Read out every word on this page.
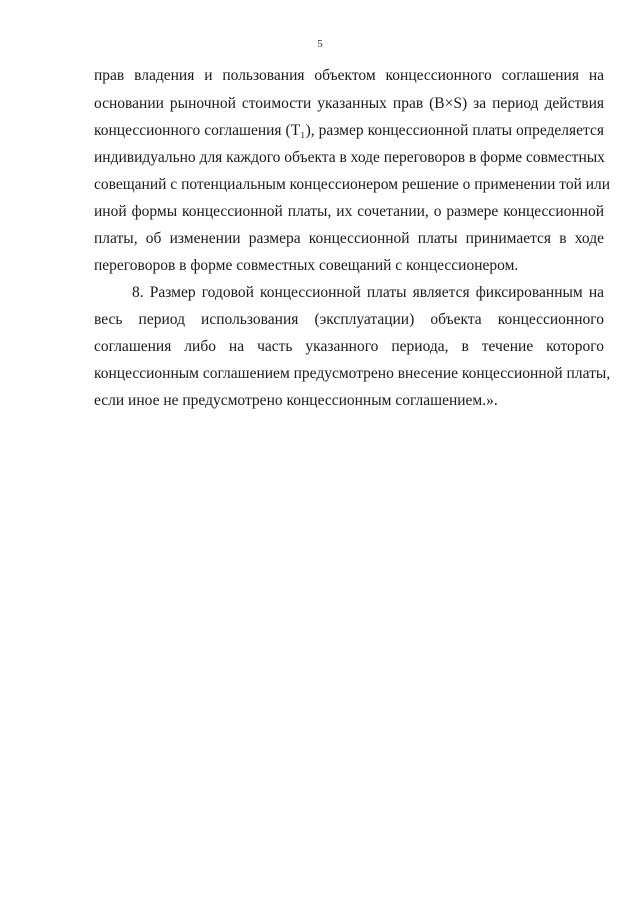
5
прав владения и пользования объектом концессионного соглашения на
основании рыночной стоимости указанных прав (B×S) за период действия
концессионного соглашения (T₁), размер концессионной платы определяется
индивидуально для каждого объекта в ходе переговоров в форме совместных
совещаний с потенциальным концессионером решение о применении той или
иной формы концессионной платы, их сочетании, о размере концессионной
платы, об изменении размера концессионной платы принимается в ходе
переговоров в форме совместных совещаний с концессионером.
8. Размер годовой концессионной платы является фиксированным на
весь период использования (эксплуатации) объекта концессионного
соглашения либо на часть указанного периода, в течение которого
концессионным соглашением предусмотрено внесение концессионной платы,
если иное не предусмотрено концессионным соглашением.».
